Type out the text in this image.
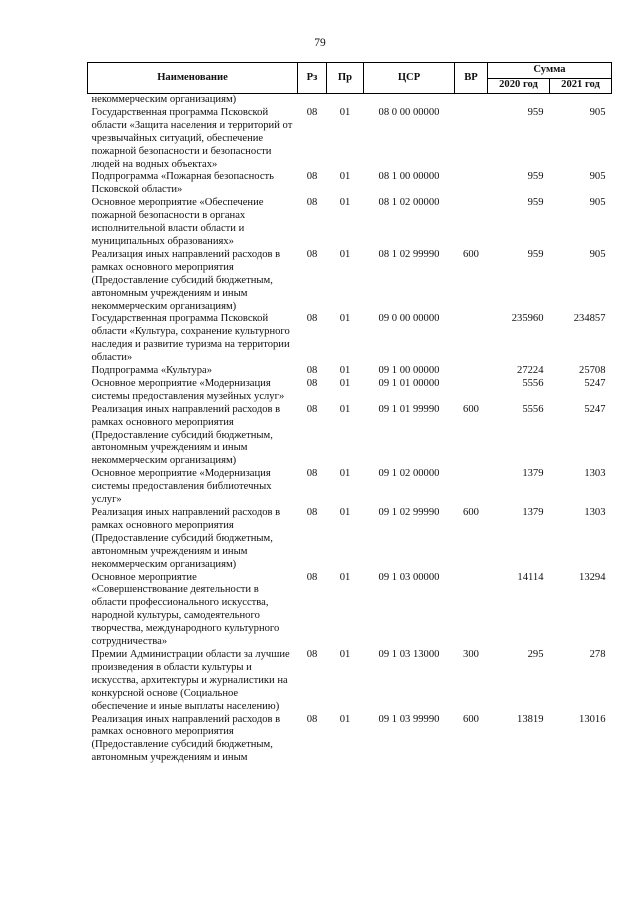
79
Наименование	Рз	Пр	ЦСР	ВР	Сумма	
					2020 год	2021 год
некоммерческим организациям)						
Государственная программа Псковской области «Защита населения и территорий от чрезвычайных ситуаций, обеспечение пожарной безопасности и безопасности людей на водных объектах»	08	01	08 0 00 00000		959	905
Подпрограмма «Пожарная безопасность Псковской области»	08	01	08 1 00 00000		959	905
Основное мероприятие «Обеспечение пожарной безопасности в органах исполнительной власти области и муниципальных образованиях»	08	01	08 1 02 00000		959	905
Реализация иных направлений расходов в рамках основного мероприятия (Предоставление субсидий бюджетным, автономным учреждениям и иным некоммерческим организациям)	08	01	08 1 02 99990	600	959	905
Государственная программа Псковской области «Культура, сохранение культурного наследия и развитие туризма на территории области»	08	01	09 0 00 00000		235960	234857
Подпрограмма «Культура»	08	01	09 1 00 00000		27224	25708
Основное мероприятие «Модернизация системы предоставления музейных услуг»	08	01	09 1 01 00000		5556	5247
Реализация иных направлений расходов в рамках основного мероприятия (Предоставление субсидий бюджетным, автономным учреждениям и иным некоммерческим организациям)	08	01	09 1 01 99990	600	5556	5247
Основное мероприятие «Модернизация системы предоставления библиотечных услуг»	08	01	09 1 02 00000		1379	1303
Реализация иных направлений расходов в рамках основного мероприятия (Предоставление субсидий бюджетным, автономным учреждениям и иным некоммерческим организациям)	08	01	09 1 02 99990	600	1379	1303
Основное мероприятие «Совершенствование деятельности в области профессионального искусства, народной культуры, самодеятельного творчества, международного культурного сотрудничества»	08	01	09 1 03 00000		14114	13294
Премии Администрации области за лучшие произведения в области культуры и искусства, архитектуры и журналистики на конкурсной основе (Социальное обеспечение и иные выплаты населению)	08	01	09 1 03 13000	300	295	278
Реализация иных направлений расходов в рамках основного мероприятия (Предоставление субсидий бюджетным, автономным учреждениям и иным	08	01	09 1 03 99990	600	13819	13016
